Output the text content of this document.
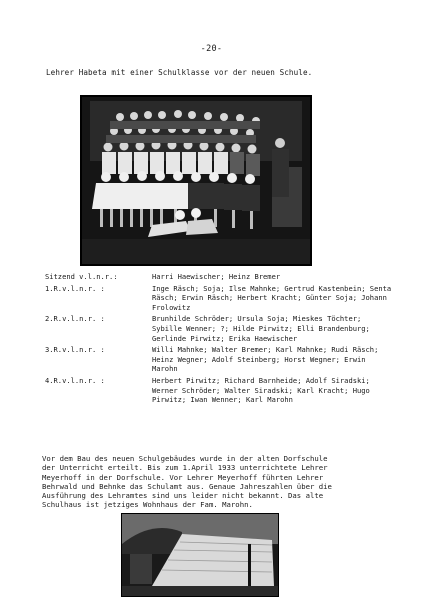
-20-
Lehrer Habeta mit einer Schulklasse vor der neuen Schule.
Sitzend v.l.n.r.:	Harri Haewischer; Heinz Bremer
1.R.v.l.n.r. :	Inge Räsch; Soja; Ilse Mahnke; Gertrud Kastenbein; Senta Räsch; Erwin Räsch; Herbert Kracht; Günter Soja; Johann Frolowitz
2.R.v.l.n.r. :	Brunhilde Schröder; Ursula Soja; Mieskes Töchter; Sybille Wenner; ?; Hilde Pirwitz; Elli Brandenburg; Gerlinde Pirwitz; Erika Haewischer
3.R.v.l.n.r. :	Willi Mahnke; Walter Bremer; Karl Mahnke; Rudi Räsch; Heinz Wegner; Adolf Steinberg; Horst Wegner; Erwin Marohn
4.R.v.l.n.r. :	Herbert Pirwitz; Richard Barnheide; Adolf Siradski; Werner Schröder; Walter Siradski; Karl Kracht; Hugo Pirwitz; Iwan Wenner; Karl Marohn
Vor dem Bau des neuen Schulgebäudes wurde in der alten Dorfschule der Unterricht erteilt. Bis zum 1.April 1933 unterrichtete Lehrer Meyerhoff in der Dorfschule. Vor Lehrer Meyerhoff führten Lehrer Behrwald und Behnke das Schulamt aus. Genaue Jahreszahlen über die Ausführung des Lehramtes sind uns leider nicht bekannt. Das alte Schulhaus ist jetziges Wohnhaus der Fam. Marohn.
